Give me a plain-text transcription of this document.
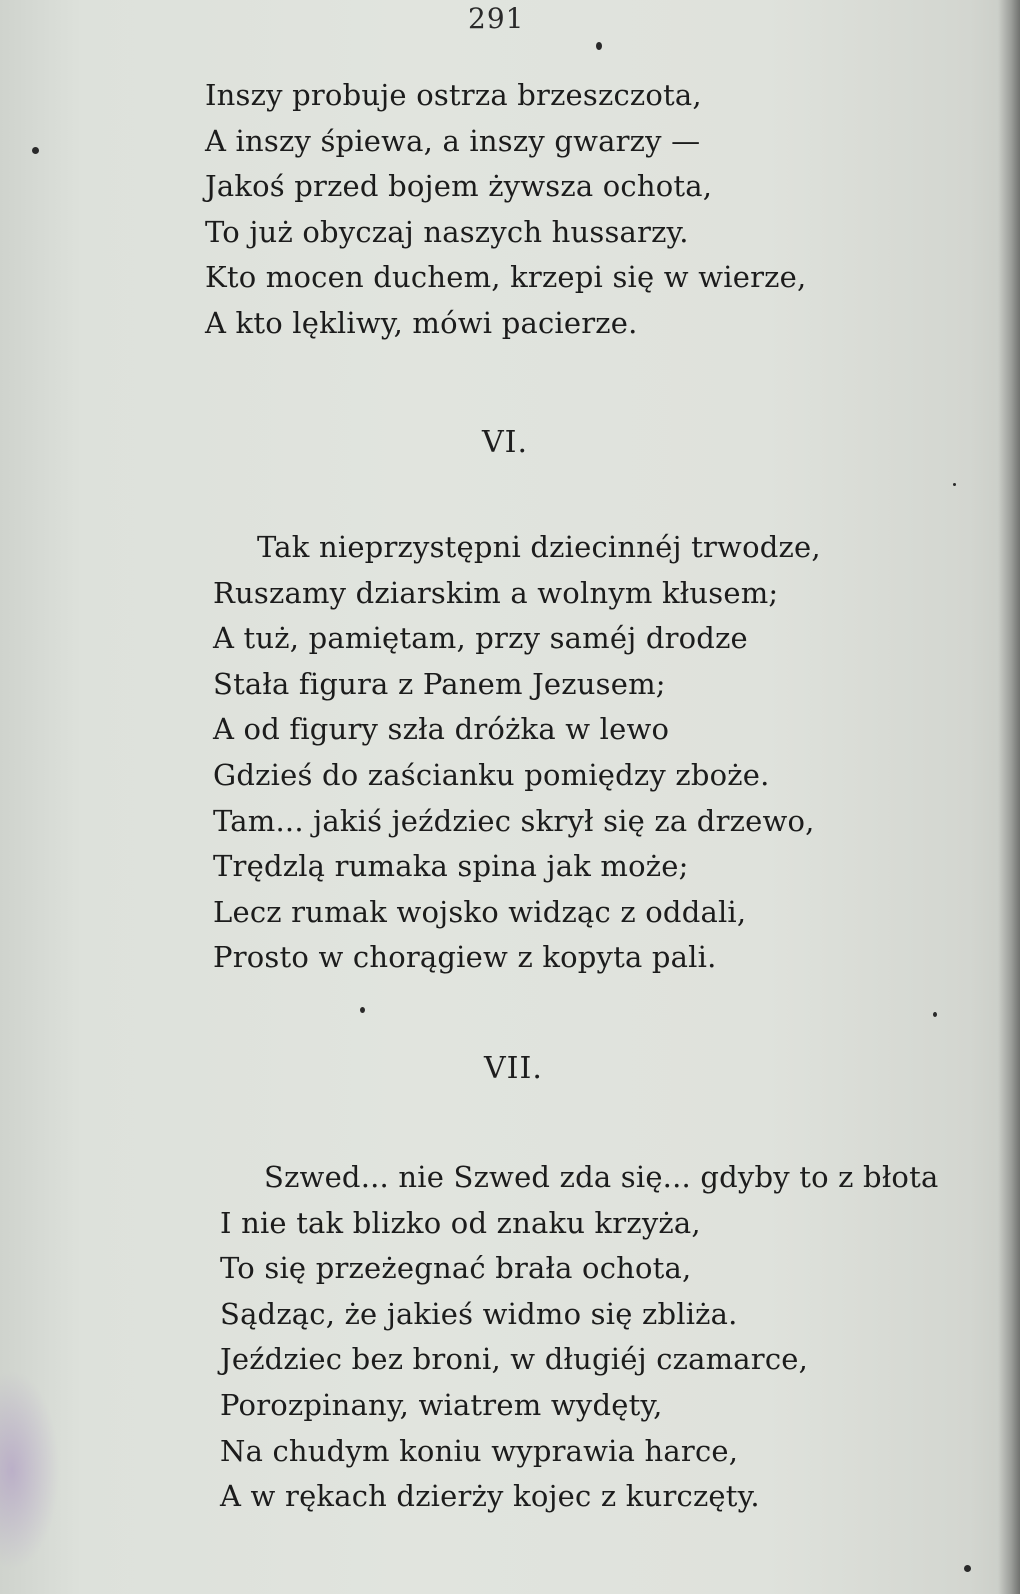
291
Inszy probuje ostrza brzeszczota,
A inszy śpiewa, a inszy gwarzy —
Jakoś przed bojem żywsza ochota,
To już obyczaj naszych hussarzy.
Kto mocen duchem, krzepi się w wierze,
A kto lękliwy, mówi pacierze.
VI.
Tak nieprzystępni dziecinnéj trwodze,
Ruszamy dziarskim a wolnym kłusem;
A tuż, pamiętam, przy saméj drodze
Stała figura z Panem Jezusem;
A od figury szła dróżka w lewo
Gdzieś do zaścianku pomiędzy zboże.
Tam... jakiś jeździec skrył się za drzewo,
Trędzlą rumaka spina jak może;
Lecz rumak wojsko widząc z oddali,
Prosto w chorągiew z kopyta pali.
VII.
Szwed... nie Szwed zda się... gdyby to z błota
I nie tak blizko od znaku krzyża,
To się przeżegnać brała ochota,
Sądząc, że jakieś widmo się zbliża.
Jeździec bez broni, w długiéj czamarce,
Porozpinany, wiatrem wydęty,
Na chudym koniu wyprawia harce,
A w rękach dzierży kojec z kurczęty.
